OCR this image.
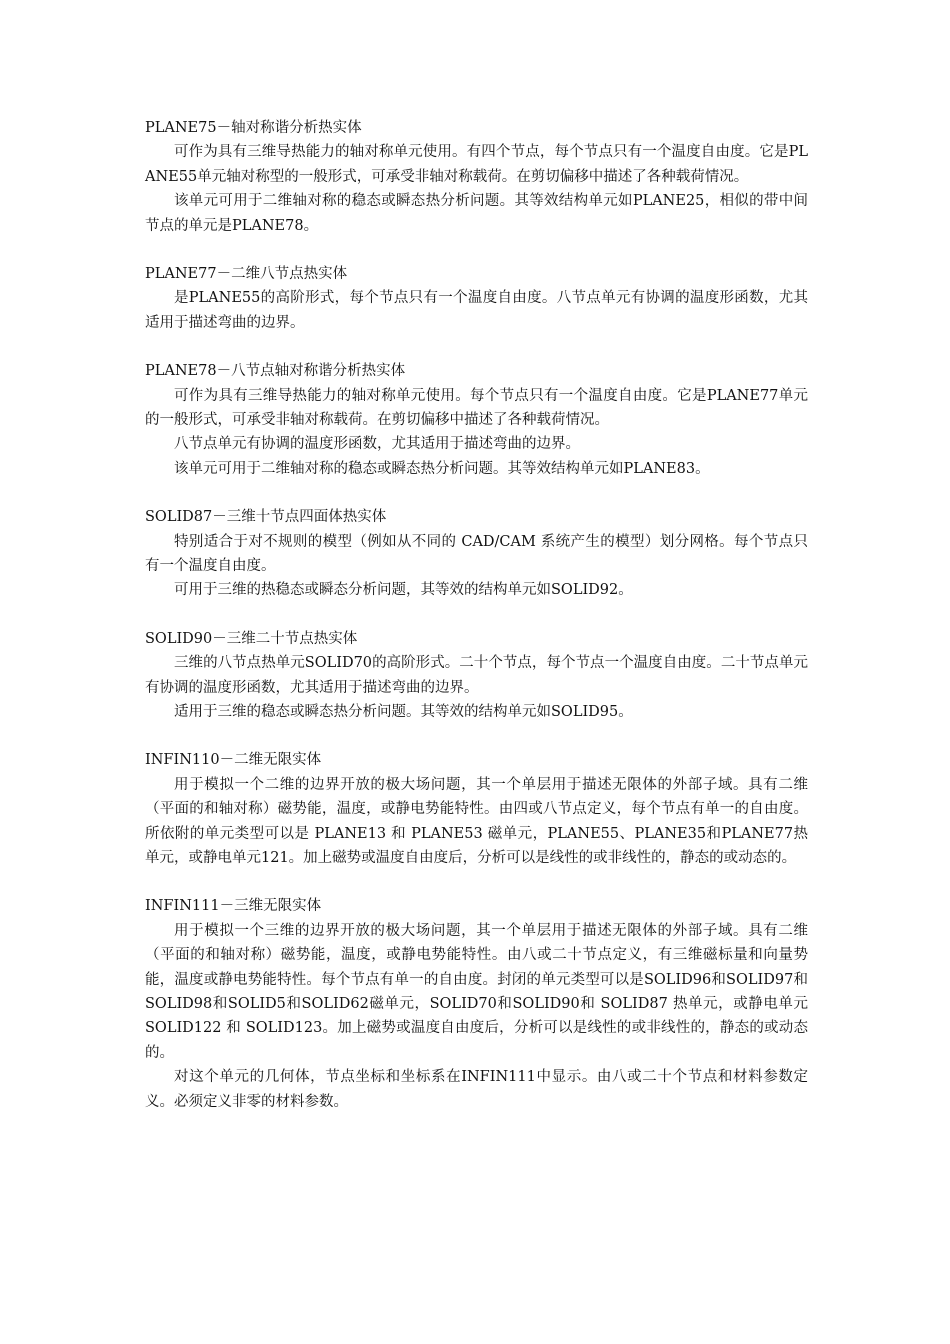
PLANE75－轴对称谐分析热实体

可作为具有三维导热能力的轴对称单元使用。有四个节点，每个节点只有一个温度自由度。它是PLANE55单元轴对称型的一般形式，可承受非轴对称载荷。在剪切偏移中描述了各种载荷情况。

该单元可用于二维轴对称的稳态或瞬态热分析问题。其等效结构单元如PLANE25，相似的带中间节点的单元是PLANE78。

PLANE77－二维八节点热实体

是PLANE55的高阶形式，每个节点只有一个温度自由度。八节点单元有协调的温度形函数，尤其适用于描述弯曲的边界。

PLANE78－八节点轴对称谐分析热实体

可作为具有三维导热能力的轴对称单元使用。每个节点只有一个温度自由度。它是PLANE77单元的一般形式，可承受非轴对称载荷。在剪切偏移中描述了各种载荷情况。

八节点单元有协调的温度形函数，尤其适用于描述弯曲的边界。

该单元可用于二维轴对称的稳态或瞬态热分析问题。其等效结构单元如PLANE83。

SOLID87－三维十节点四面体热实体

特别适合于对不规则的模型（例如从不同的 CAD/CAM 系统产生的模型）划分网格。每个节点只有一个温度自由度。

可用于三维的热稳态或瞬态分析问题，其等效的结构单元如SOLID92。

SOLID90－三维二十节点热实体

三维的八节点热单元SOLID70的高阶形式。二十个节点，每个节点一个温度自由度。二十节点单元有协调的温度形函数，尤其适用于描述弯曲的边界。

适用于三维的稳态或瞬态热分析问题。其等效的结构单元如SOLID95。

INFIN110－二维无限实体

用于模拟一个二维的边界开放的极大场问题，其一个单层用于描述无限体的外部子域。具有二维（平面的和轴对称）磁势能，温度，或静电势能特性。由四或八节点定义，每个节点有单一的自由度。所依附的单元类型可以是 PLANE13 和 PLANE53 磁单元，PLANE55、PLANE35和PLANE77热单元，或静电单元121。加上磁势或温度自由度后，分析可以是线性的或非线性的，静态的或动态的。

INFIN111－三维无限实体

用于模拟一个三维的边界开放的极大场问题，其一个单层用于描述无限体的外部子域。具有二维（平面的和轴对称）磁势能，温度，或静电势能特性。由八或二十节点定义，有三维磁标量和向量势能，温度或静电势能特性。每个节点有单一的自由度。封闭的单元类型可以是SOLID96和SOLID97和SOLID98和SOLID5和SOLID62磁单元，SOLID70和SOLID90和 SOLID87 热单元，或静电单元 SOLID122 和 SOLID123。加上磁势或温度自由度后，分析可以是线性的或非线性的，静态的或动态的。

对这个单元的几何体，节点坐标和坐标系在INFIN111中显示。由八或二十个节点和材料参数定义。必须定义非零的材料参数。
